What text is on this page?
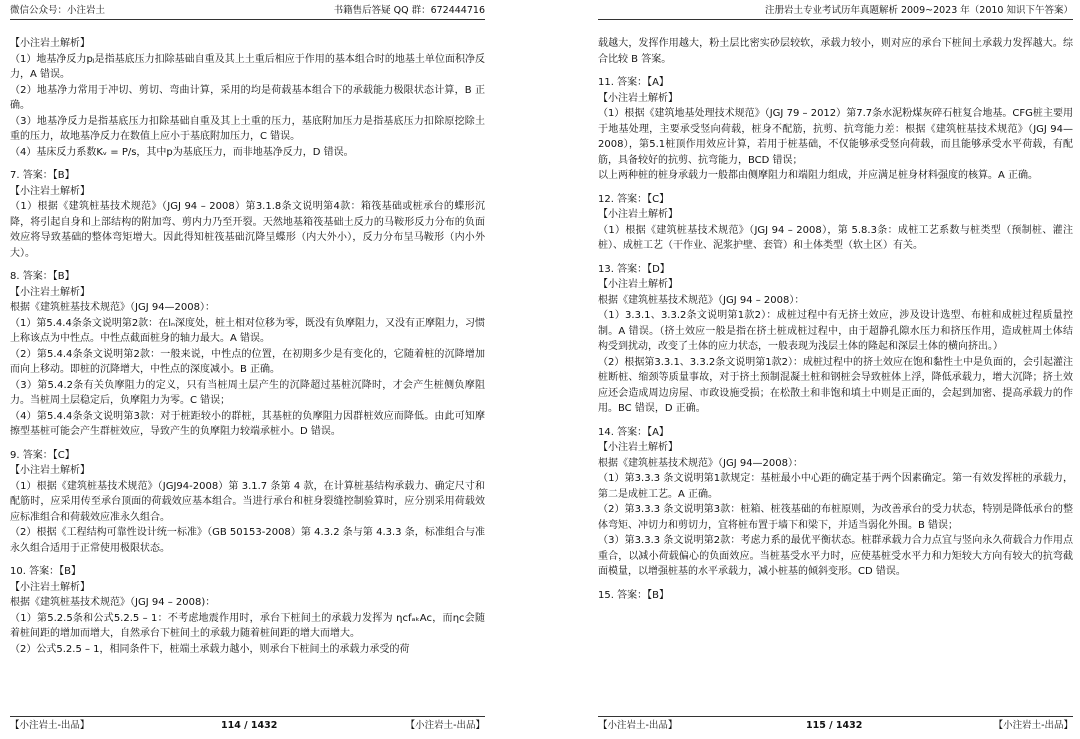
微信公众号：小注岩土	书籍售后答疑 QQ 群：672444716

【小注岩土解析】

（1）地基净反力pⱼ是指基底压力扣除基础自重及其上土重后相应于作用的基本组合时的地基土单位面积净反力，A 错误。

（2）地基净力常用于冲切、剪切、弯曲计算，采用的均是荷载基本组合下的承载能力极限状态计算，B 正确。

（3）地基净反力是指基底压力扣除基础自重及其上土重的压力，基底附加压力是指基底压力扣除原挖除土重的压力，故地基净反力在数值上应小于基底附加压力，C 错误。

（4）基床反力系数Kᵥ = P/s，其中p为基底压力，而非地基净反力，D 错误。

7. 答案：【B】

【小注岩土解析】

（1）根据《建筑桩基技术规范》（JGJ 94 – 2008）第3.1.8条文说明第4款：箱筏基础或桩承台的蝶形沉降，将引起自身和上部结构的附加弯、剪内力乃至开裂。天然地基箱筏基础土反力的马鞍形反力分布的负面效应将导致基础的整体弯矩增大。因此得知桩筏基础沉降呈蝶形（内大外小），反力分布呈马鞍形（内小外大）。

8. 答案：【B】

【小注岩土解析】

根据《建筑桩基技术规范》（JGJ 94—2008）：

（1）第5.4.4条条文说明第2款：在lₙ深度处，桩土相对位移为零，既没有负摩阻力，又没有正摩阻力，习惯上称该点为中性点。中性点截面桩身的轴力最大。A 错误。

（2）第5.4.4条条文说明第2款：一般来说，中性点的位置，在初期多少是有变化的，它随着桩的沉降增加而向上移动。即桩的沉降增大，中性点的深度减小。B 正确。

（3）第5.4.2条有关负摩阻力的定义，只有当桩周土层产生的沉降超过基桩沉降时，才会产生桩侧负摩阻力。当桩周土层稳定后，负摩阻力为零。C 错误；

（4）第5.4.4条条文说明第3款：对于桩距较小的群桩，其基桩的负摩阻力因群桩效应而降低。由此可知摩擦型基桩可能会产生群桩效应，导致产生的负摩阻力较端承桩小。D 错误。

9. 答案：【C】

【小注岩土解析】

（1）根据《建筑桩基技术规范》（JGJ94-2008）第 3.1.7 条第 4 款，在计算桩基结构承载力、确定尺寸和配筋时，应采用传至承台顶面的荷载效应基本组合。当进行承台和桩身裂缝控制验算时，应分别采用荷载效应标准组合和荷载效应准永久组合。

（2）根据《工程结构可靠性设计统一标准》（GB 50153-2008）第 4.3.2 条与第 4.3.3 条，标准组合与准永久组合适用于正常使用极限状态。

10. 答案：【B】

【小注岩土解析】

根据《建筑桩基技术规范》（JGJ 94 – 2008)：

（1）第5.2.5条和公式5.2.5 – 1：不考虑地震作用时，承台下桩间土的承载力发挥为 ηᴄfₐₖAᴄ，而ηᴄ会随着桩间距的增加而增大，自然承台下桩间土的承载力随着桩间距的增大而增大。

（2）公式5.2.5 – 1，相同条件下，桩端土承载力越小，则承台下桩间土的承载力承受的荷

【小注岩土-出品】	114 / 1432	【小注岩土-出品】
注册岩土专业考试历年真题解析 2009~2023 年（2010 知识下午答案）

载越大，发挥作用越大，粉土层比密实砂层较软，承载力较小，则对应的承台下桩间土承载力发挥越大。综合比较 B 答案。

11. 答案：【A】

【小注岩土解析】

（1）根据《建筑地基处理技术规范》（JGJ 79 – 2012）第7.7条水泥粉煤灰碎石桩复合地基。CFG桩主要用于地基处理，主要承受竖向荷载，桩身不配筋，抗剪、抗弯能力差：根据《建筑桩基技术规范》（JGJ 94—2008），第5.1桩顶作用效应计算，若用于桩基础，不仅能够承受竖向荷载，而且能够承受水平荷载，有配筋，具备较好的抗剪、抗弯能力，BCD 错误；

以上两种桩的桩身承载力一般都由侧摩阻力和端阻力组成，并应满足桩身材料强度的核算。A 正确。

12. 答案：【C】

【小注岩土解析】

（1）根据《建筑桩基技术规范》（JGJ 94 – 2008），第 5.8.3条：成桩工艺系数与桩类型（预制桩、灌注桩）、成桩工艺（干作业、泥浆护壁、套管）和土体类型（软土区）有关。

13. 答案：【D】

【小注岩土解析】

根据《建筑桩基技术规范》（JGJ 94 – 2008）：

（1）3.3.1、3.3.2条文说明第1款2）：成桩过程中有无挤土效应，涉及设计选型、布桩和成桩过程质量控制。A 错误。（挤土效应一般是指在挤土桩成桩过程中，由于超静孔隙水压力和挤压作用，造成桩周土体结构受到扰动，改变了土体的应力状态，一般表现为浅层土体的隆起和深层土体的横向挤出。）

（2）根据第3.3.1、3.3.2条文说明第1款2）：成桩过程中的挤土效应在饱和黏性土中是负面的，会引起灌注桩断桩、缩颈等质量事故，对于挤土预制混凝土桩和钢桩会导致桩体上浮，降低承载力，增大沉降；挤土效应还会造成周边房屋、市政设施受损；在松散土和非饱和填土中则是正面的，会起到加密、提高承载力的作用。BC 错误，D 正确。

14. 答案：【A】

【小注岩土解析】

根据《建筑桩基技术规范》（JGJ 94—2008）：

（1）第3.3.3 条文说明第1款规定：基桩最小中心距的确定基于两个因素确定。第一有效发挥桩的承载力，第二是成桩工艺。A 正确。

（2）第3.3.3 条文说明第3款：桩箱、桩筏基础的布桩原则，为改善承台的受力状态，特别是降低承台的整体弯矩、冲切力和剪切力，宜将桩布置于墙下和梁下，并适当弱化外围。B 错误；

（3）第3.3.3 条文说明第2款：考虑力系的最优平衡状态。桩群承载力合力点宜与竖向永久荷载合力作用点重合，以减小荷载偏心的负面效应。当桩基受水平力时，应使基桩受水平力和力矩较大方向有较大的抗弯截面模量，以增强桩基的水平承载力，减小桩基的倾斜变形。CD 错误。

15. 答案：【B】

【小注岩土-出品】	115 / 1432	【小注岩土-出品】
